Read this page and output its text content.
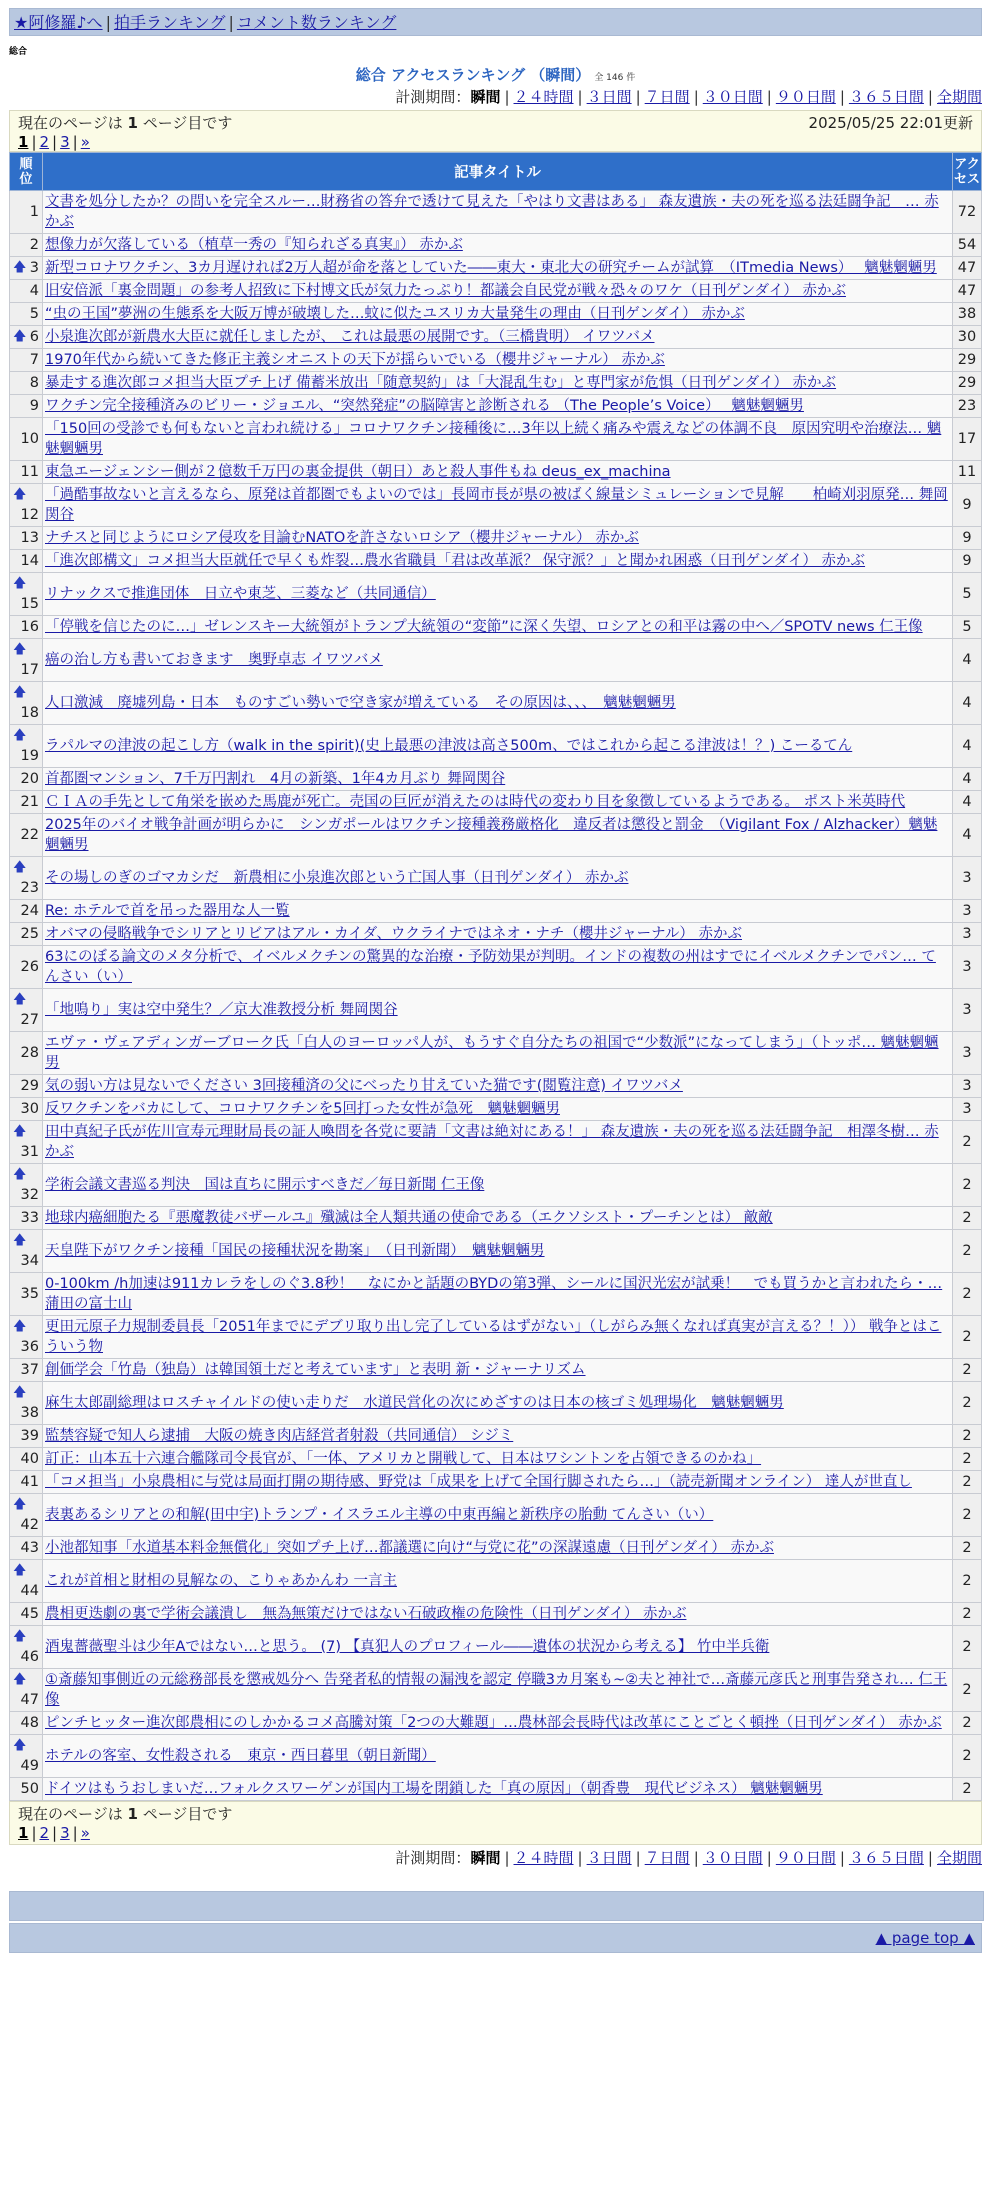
★阿修羅♪へ | 拍手ランキング | コメント数ランキング
総合
総合 アクセスランキング （瞬間） 全 146 件
計測期間：瞬間 | ２４時間 | ３日間 | ７日間 | ３０日間 | ９０日間 | ３６５日間 | 全期間
現在のページは 1 ページ目です	2025/05/25 22:01更新
1 | 2 | 3 | »
順位	記事タイトル	アクセス
1	文書を処分したか？の問いを完全スルー…財務省の答弁で透けて見えた「やはり文書はある」 森友遺族・夫の死を巡る法廷闘争記　… 赤かぶ	72
2	想像力が欠落している（植草一秀の『知られざる真実』） 赤かぶ	54

🡅 3	新型コロナワクチン、3カ月遅ければ2万人超が命を落としていた――東大・東北大の研究チームが試算　（ITmedia News）　 魑魅魍魎男	47
4	旧安倍派「裏金問題」の参考人招致に下村博文氏が気力たっぷり！都議会自民党が戦々恐々のワケ（日刊ゲンダイ） 赤かぶ	47
5	“虫の王国”夢洲の生態系を大阪万博が破壊した…蚊に似たユスリカ大量発生の理由（日刊ゲンダイ） 赤かぶ	38

🡅 6	小泉進次郎が新農水大臣に就任しましたが、 これは最悪の展開です。（三橋貴明） イワツバメ	30
7	1970年代から続いてきた修正主義シオニストの天下が揺らいでいる（櫻井ジャーナル） 赤かぶ	29
8	暴走する進次郎コメ担当大臣プチ上げ 備蓄米放出「随意契約」は「大混乱生む」と専門家が危惧（日刊ゲンダイ） 赤かぶ	29
9	ワクチン完全接種済みのビリー・ジョエル、“突然発症”の脳障害と診断される （The People’s Voice）　 魑魅魍魎男	23
10	「150回の受診でも何もないと言われ続ける」コロナワクチン接種後に…3年以上続く痛みや震えなどの体調不良　原因究明や治療法… 魑魅魍魎男	17
11	東急エージェンシー側が２億数千万円の裏金提供（朝日）あと殺人事件もね deus_ex_machina	11

🡅
12	「過酷事故ないと言えるなら、原発は首都圏でもよいのでは」長岡市長が県の被ばく線量シミュレーションで見解　　柏崎刈羽原発… 舞岡関谷	9
13	ナチスと同じようにロシア侵攻を目論むNATOを許さないロシア（櫻井ジャーナル） 赤かぶ	9
14	「進次郎構文」コメ担当大臣就任で早くも炸裂…農水省職員「君は改革派？ 保守派？」と聞かれ困惑（日刊ゲンダイ） 赤かぶ	9

🡅
15	リナックスで推進団体　日立や東芝、三菱など（共同通信）	5
16	「停戦を信じたのに…」ゼレンスキー大統領がトランプ大統領の“変節”に深く失望、ロシアとの和平は霧の中へ／SPOTV news 仁王像	5

🡅
17	癌の治し方も書いておきます　奥野卓志 イワツバメ	4

🡅
18	人口激減　廃墟列島・日本　ものすごい勢いで空き家が増えている　その原因は、、、　魑魅魍魎男	4

🡅
19	ラパルマの津波の起こし方（walk in the spirit)(史上最悪の津波は高さ500m、ではこれから起こる津波は！？) こーるてん	4
20	首都圏マンション、7千万円割れ　4月の新築、1年4カ月ぶり 舞岡関谷	4
21	ＣＩＡの手先として角栄を嵌めた馬鹿が死亡。売国の巨匠が消えたのは時代の変わり目を象徴しているようである。 ポスト米英時代	4
22	2025年のバイオ戦争計画が明らかに　シンガポールはワクチン接種義務厳格化　違反者は懲役と罰金　（Vigilant Fox / Alzhacker）魑魅魍魎男	4

🡅
23	その場しのぎのゴマカシだ　新農相に小泉進次郎という亡国人事（日刊ゲンダイ） 赤かぶ	3
24	Re: ホテルで首を吊った器用な人一覧	3
25	オバマの侵略戦争でシリアとリビアはアル・カイダ、ウクライナではネオ・ナチ（櫻井ジャーナル） 赤かぶ	3
26	63にのぼる論文のメタ分析で、イベルメクチンの驚異的な治療・予防効果が判明。インドの複数の州はすでにイベルメクチンでパン… てんさい（い）	3

🡅
27	「地鳴り」実は空中発生？／京大准教授分析 舞岡関谷	3
28	エヴァ・ヴェアディンガーブローク氏「白人のヨーロッパ人が、もうすぐ自分たちの祖国で“少数派”になってしまう」（トッポ… 魑魅魍魎男	3
29	気の弱い方は見ないでください 3回接種済の父にべったり甘えていた猫です(閲覧注意) イワツバメ	3
30	反ワクチンをバカにして、コロナワクチンを5回打った女性が急死　魑魅魍魎男	3

🡅
31	田中真紀子氏が佐川宣寿元理財局長の証人喚問を各党に要請「文書は絶対にある！」 森友遺族・夫の死を巡る法廷闘争記　相澤冬樹… 赤かぶ	2

🡅
32	学術会議文書巡る判決　国は直ちに開示すべきだ／毎日新聞 仁王像	2
33	地球内癌細胞たる『悪魔教徒バザールユ』殲滅は全人類共通の使命である（エクソシスト・プーチンとは） 敵敵	2

🡅
34	天皇陛下がワクチン接種「国民の接種状況を勘案」　（日刊新聞）　魑魅魍魎男	2
35	0-100km /h加速は911カレラをしのぐ3.8秒！　なにかと話題のBYDの第3弾、シールに国沢光宏が試乗！　でも買うかと言われたら・… 蒲田の富士山	2

🡅
36	更田元原子力規制委員長「2051年までにデブリ取り出し完了しているはずがない」（しがらみ無くなれば真実が言える？！）） 戦争とはこういう物	2
37	創価学会「竹島（独島）は韓国領土だと考えています」と表明 新・ジャーナリズム	2

🡅
38	麻生太郎副総理はロスチャイルドの使い走りだ　水道民営化の次にめざすのは日本の核ゴミ処理場化　魑魅魍魎男	2
39	監禁容疑で知人ら逮捕　大阪の焼き肉店経営者射殺（共同通信） シジミ	2
40	訂正：山本五十六連合艦隊司令長官が、「一体、アメリカと開戦して、日本はワシントンを占領できるのかね」	2
41	「コメ担当」小泉農相に与党は局面打開の期待感、野党は「成果を上げて全国行脚されたら…」（読売新聞オンライン） 達人が世直し	2

🡅
42	表裏あるシリアとの和解(田中宇)トランプ・イスラエル主導の中東再編と新秩序の胎動 てんさい（い）	2
43	小池都知事「水道基本料金無償化」突如プチ上げ…都議選に向け“与党に花”の深謀遠慮（日刊ゲンダイ） 赤かぶ	2

🡅
44	これが首相と財相の見解なの、こりゃあかんわ 一言主	2
45	農相更迭劇の裏で学術会議潰し　無為無策だけではない石破政権の危険性（日刊ゲンダイ） 赤かぶ	2

🡅
46	酒鬼薔薇聖斗は少年Aではない…と思う。 (7) 【真犯人のプロフィール――遺体の状況から考える】 竹中半兵衛	2

🡅
47	①斎藤知事側近の元総務部長を懲戒処分へ 告発者私的情報の漏洩を認定 停職3カ月案も~②夫と神社で…斎藤元彦氏と刑事告発され… 仁王像	2
48	ピンチヒッター進次郎農相にのしかかるコメ高騰対策「2つの大難題」…農林部会長時代は改革にことごとく頓挫（日刊ゲンダイ） 赤かぶ	2

🡅
49	ホテルの客室、女性殺される　東京・西日暮里（朝日新聞）	2
50	ドイツはもうおしまいだ…フォルクスワーゲンが国内工場を閉鎖した「真の原因」（朝香豊　現代ビジネス） 魑魅魍魎男	2
現在のページは 1 ページ目です
1 | 2 | 3 | »
計測期間：瞬間 | ２４時間 | ３日間 | ７日間 | ３０日間 | ９０日間 | ３６５日間 | 全期間
▲ page top ▲
